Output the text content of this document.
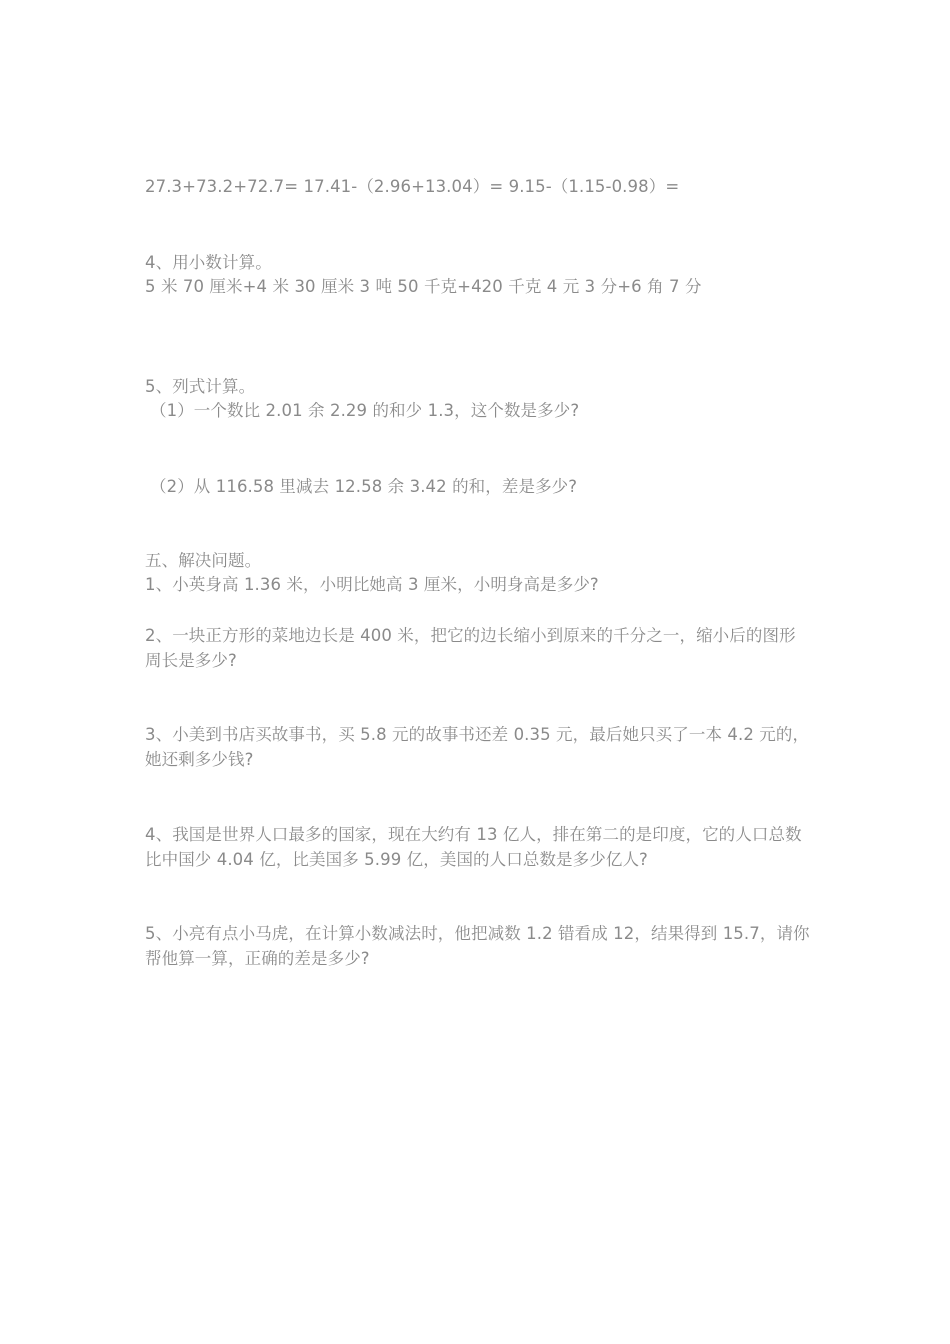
27.3+73.2+72.7= 17.41-（2.96+13.04）= 9.15-（1.15-0.98）=
4、用小数计算。
5 米 70 厘米+4 米 30 厘米 3 吨 50 千克+420 千克 4 元 3 分+6 角 7 分
5、列式计算。
（1）一个数比 2.01 余 2.29 的和少 1.3，这个数是多少?
（2）从 116.58 里减去 12.58 余 3.42 的和，差是多少?
五、解决问题。
1、小英身高 1.36 米，小明比她高 3 厘米，小明身高是多少?
2、一块正方形的菜地边长是 400 米，把它的边长缩小到原来的千分之一，缩小后的图形
周长是多少?
3、小美到书店买故事书，买 5.8 元的故事书还差 0.35 元，最后她只买了一本 4.2 元的，
她还剩多少钱?
4、我国是世界人口最多的国家，现在大约有 13 亿人，排在第二的是印度，它的人口总数
比中国少 4.04 亿，比美国多 5.99 亿，美国的人口总数是多少亿人?
5、小亮有点小马虎，在计算小数减法时，他把减数 1.2 错看成 12，结果得到 15.7，请你
帮他算一算，正确的差是多少?
